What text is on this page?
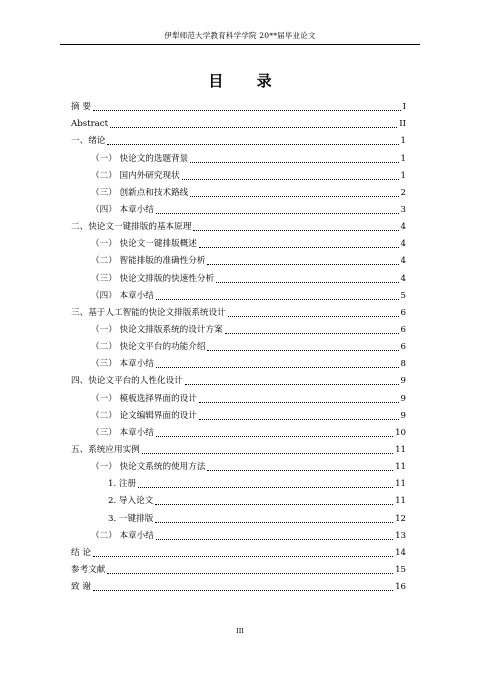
伊犁师范大学教育科学学院 20**届毕业论文
目 录
摘 要	I
Abstract	II
一、绪论	1
（一） 快论文的选题背景	1
（二） 国内外研究现状	1
（三） 创新点和技术路线	2
（四） 本章小结	3
二、快论文一键排版的基本原理	4
（一） 快论文一键排版概述	4
（二） 智能排版的准确性分析	4
（三） 快论文排版的快速性分析	4
（四） 本章小结	5
三、基于人工智能的快论文排版系统设计	6
（一） 快论文排版系统的设计方案	6
（二） 快论文平台的功能介绍	6
（三） 本章小结	8
四、快论文平台的人性化设计	9
（一） 模板选择界面的设计	9
（二） 论文编辑界面的设计	9
（三） 本章小结	10
五、系统应用实例	11
（一） 快论文系统的使用方法	11
1. 注册	11
2. 导入论文	11
3. 一键排版	12
（二） 本章小结	13
结 论	14
参考文献	15
致 谢	16
III
